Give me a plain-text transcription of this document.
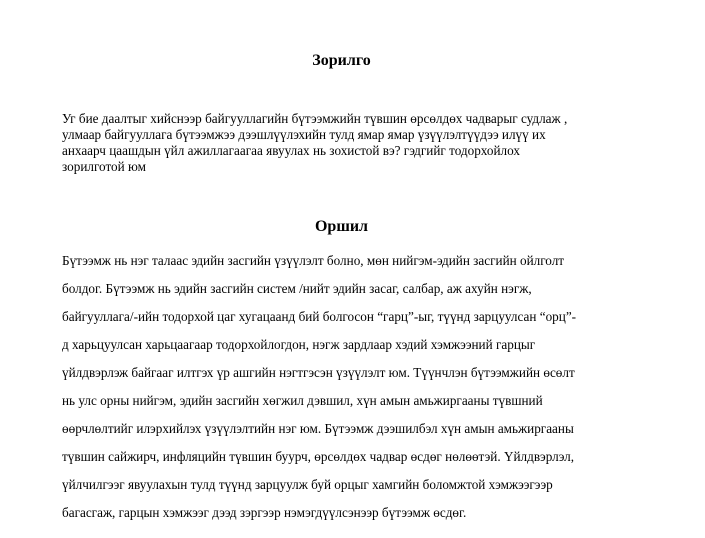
Зорилго

Уг бие даалтыг хийснээр байгууллагийн бүтээмжийн түвшин өрсөлдөх чадварыг судлаж ,
улмаар байгууллага бүтээмжээ дээшлүүлэхийн тулд ямар ямар үзүүлэлтүүдээ илүү их
анхаарч цаашдын үйл ажиллагаагаа явуулах нь зохистой вэ? гэдгийг тодорхойлох
зорилготой юм

Оршил

Бүтээмж нь нэг талаас эдийн засгийн үзүүлэлт болно, мөн нийгэм-эдийн засгийн ойлголт
болдог. Бүтээмж нь эдийн засгийн систем /нийт эдийн засаг, салбар, аж ахуйн нэгж,
байгууллага/-ийн тодорхой цаг хугацаанд бий болгосон “гарц”-ыг, түүнд зарцуулсан “орц”-
д харьцуулсан харьцаагаар тодорхойлогдон, нэгж зардлаар хэдий хэмжээний гарцыг
үйлдвэрлэж байгааг илтгэх үр ашгийн нэгтгэсэн үзүүлэлт юм. Түүнчлэн бүтээмжийн өсөлт
нь улс орны нийгэм, эдийн засгийн хөгжил дэвшил, хүн амын амьжиргааны түвшний
өөрчлөлтийг илэрхийлэх үзүүлэлтийн нэг юм. Бүтээмж дээшилбэл хүн амын амьжиргааны
түвшин сайжирч, инфляцийн түвшин буурч, өрсөлдөх чадвар өсдөг нөлөөтэй. Үйлдвэрлэл,
үйлчилгээг явуулахын тулд түүнд зарцуулж буй орцыг хамгийн боломжтой хэмжээгээр
багасгаж, гарцын хэмжээг дээд зэргээр нэмэгдүүлсэнээр бүтээмж өсдөг.
